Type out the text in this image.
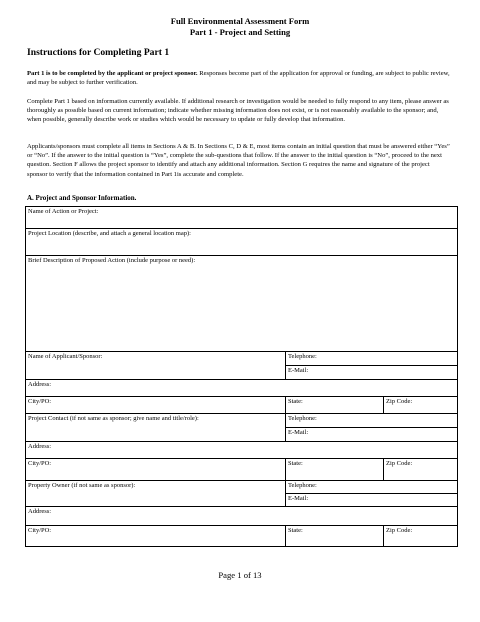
Full Environmental Assessment Form
Part 1 - Project and Setting
Instructions for Completing Part 1
Part 1 is to be completed by the applicant or project sponsor. Responses become part of the application for approval or funding, are subject to public review, and may be subject to further verification.
Complete Part 1 based on information currently available. If additional research or investigation would be needed to fully respond to any item, please answer as thoroughly as possible based on current information; indicate whether missing information does not exist, or is not reasonably available to the sponsor; and, when possible, generally describe work or studies which would be necessary to update or fully develop that information.
Applicants/sponsors must complete all items in Sections A & B. In Sections C, D & E, most items contain an initial question that must be answered either “Yes” or “No”. If the answer to the initial question is “Yes”, complete the sub-questions that follow. If the answer to the initial question is “No”, proceed to the next question. Section F allows the project sponsor to identify and attach any additional information. Section G requires the name and signature of the project sponsor to verify that the information contained in Part 1is accurate and complete.
A. Project and Sponsor Information.
Name of Action or Project:		
Project Location (describe, and attach a general location map):		
Brief Description of Proposed Action (include purpose or need):		
Name of Applicant/Sponsor:	Telephone:	
	E-Mail:	
Address:		
City/PO:	State:	Zip Code:
Project Contact (if not same as sponsor; give name and title/role):	Telephone:	
	E-Mail:	
Address:		
City/PO:	State:	Zip Code:
Property Owner (if not same as sponsor):	Telephone:	
	E-Mail:	
Address:		
City/PO:	State:	Zip Code:
Page 1 of 13
